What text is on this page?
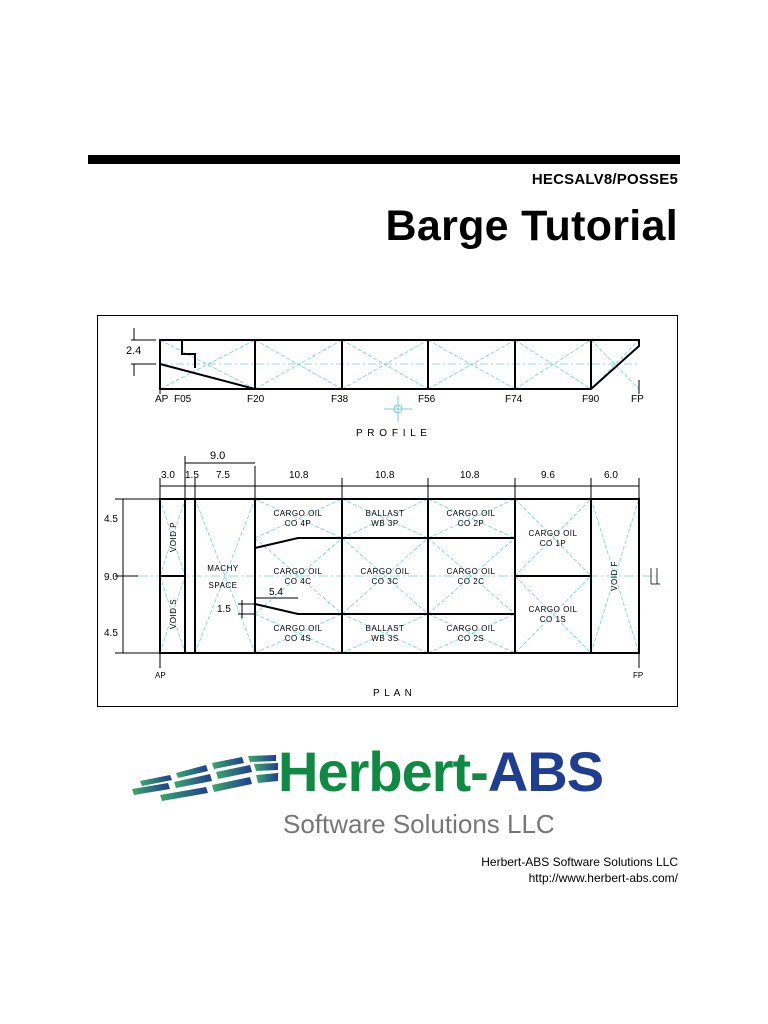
HECSALV8/POSSE5
Barge Tutorial
2.4
AP F05	F20	F38	F56	F74	F90	FP
P R O F I L E
9.0
3.0 1.5 7.5	10.8	10.8	10.8	9.6	6.0
4.5
9.0
4.5
5.4
1.5
VOID P
VOID S
MACHY
SPACE
CARGO OIL
CO 4P
CARGO OIL
CO 4C
CARGO OIL
CO 4S
BALLAST
WB 3P
CARGO OIL
CO 3C
BALLAST
WB 3S
CARGO OIL
CO 2P
CARGO OIL
CO 2C
CARGO OIL
CO 2S
CARGO OIL
CO 1P
CARGO OIL
CO 1S
VOID F
AP	FP
P L A N
Herbert-ABS
Software Solutions LLC
Herbert-ABS Software Solutions LLC
http://www.herbert-abs.com/
